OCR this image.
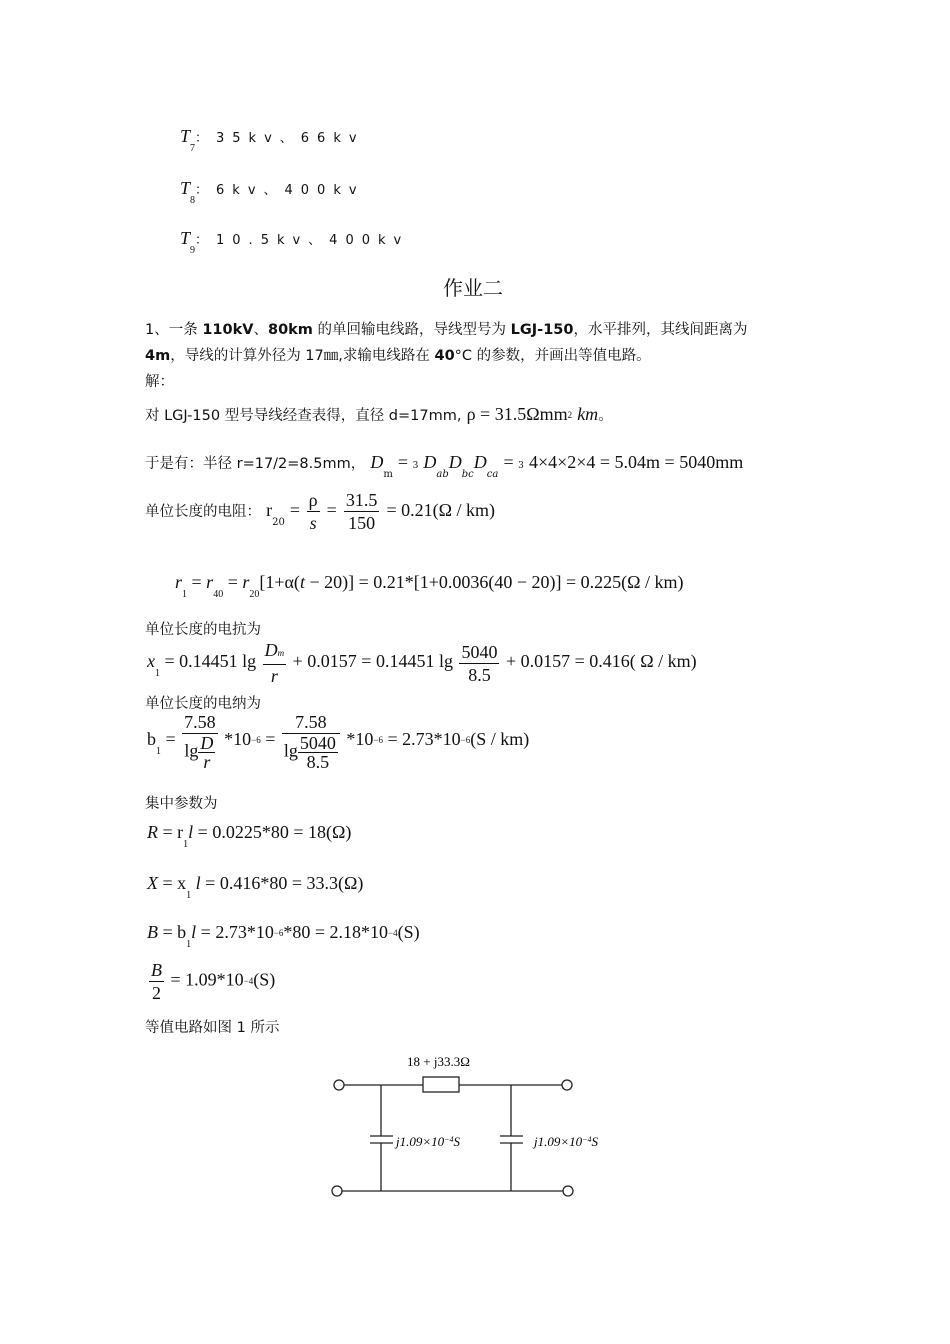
$T_7$：35kv、66kv
$T_8$：6kv、400kv
$T_9$：10.5kv、400kv
作业二
1、一条 110kV、80km 的单回输电线路，导线型号为 LGJ-150，水平排列，其线间距离为
4m，导线的计算外径为 17㎜,求输电线路在 40°C 的参数，并画出等值电路。
解：
对 LGJ-150 型号导线经查表得，直径 d=17mm, ρ = 31.5Ωmm2 km。
于是有：半径 r=17/2=8.5mm， $D_m = 3$ $D_{ab}D_{bc}D_{ca} = 3$ 4×4×2×4 = 5.04m = 5040mm
单位长度的电阻： $r_{20} = \frac{\rho}{s} = \frac{31.5}{150} = 0.21(\Omega / km)$
$r_1 = r_{40} = r_{20}[1+\alpha(t - 20)] = 0.21*[1+0.0036(40 - 20)] = 0.225(\Omega / km)$
单位长度的电抗为
$x_1 = 0.14451$ $\lg \frac{Dm}{r} + 0.0157 = 0.14451$ $\lg \frac{5040}{8.5} + 0.0157 = 0.416$( Ω / km)
单位长度的电纳为
$b_1 = \frac{7.58}{\lg \frac{D}{r}} *10-6 = \frac{7.58}{\lg \frac{5040}{8.5}} *10-6 = 2.73*10-6(S / km)$
集中参数为
$R = r_1l = 0.0225*80 = 18(\Omega)$
$X = x_1$ l = 0.416*80 = 33.3(Ω)
$B = b_1l = 2.73*10-6*80 = 2.18*10-4(S)$
$\frac{B}{2} = 1.09*10-4(S)$
等值电路如图 1 所示
18 + j33.3Ω
$j1.09\times 10^{-4}S$	$j1.09\times 10^{-4}S$
